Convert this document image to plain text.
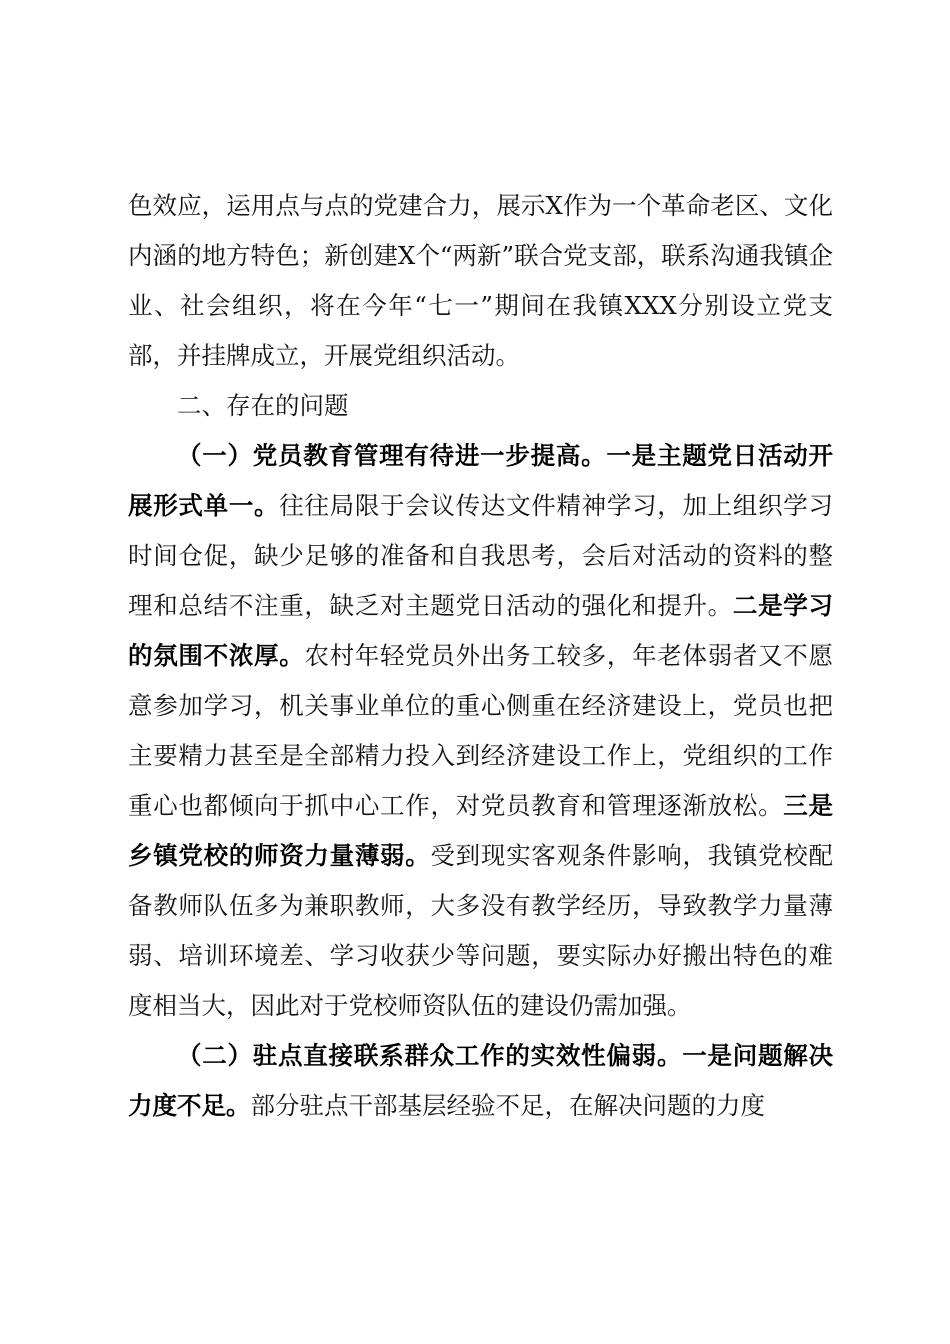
色效应，运用点与点的党建合力，展示X作为一个革命老区、文化内涵的地方特色；新创建X个“两新”联合党支部，联系沟通我镇企业、社会组织，将在今年“七一”期间在我镇XXX分别设立党支部，并挂牌成立，开展党组织活动。

二、存在的问题

（一）党员教育管理有待进一步提高。一是主题党日活动开展形式单一。往往局限于会议传达文件精神学习，加上组织学习时间仓促，缺少足够的准备和自我思考，会后对活动的资料的整理和总结不注重，缺乏对主题党日活动的强化和提升。二是学习的氛围不浓厚。农村年轻党员外出务工较多，年老体弱者又不愿意参加学习，机关事业单位的重心侧重在经济建设上，党员也把主要精力甚至是全部精力投入到经济建设工作上，党组织的工作重心也都倾向于抓中心工作，对党员教育和管理逐渐放松。三是乡镇党校的师资力量薄弱。受到现实客观条件影响，我镇党校配备教师队伍多为兼职教师，大多没有教学经历，导致教学力量薄弱、培训环境差、学习收获少等问题，要实际办好搬出特色的难度相当大，因此对于党校师资队伍的建设仍需加强。

（二）驻点直接联系群众工作的实效性偏弱。一是问题解决力度不足。部分驻点干部基层经验不足，在解决问题的力度
